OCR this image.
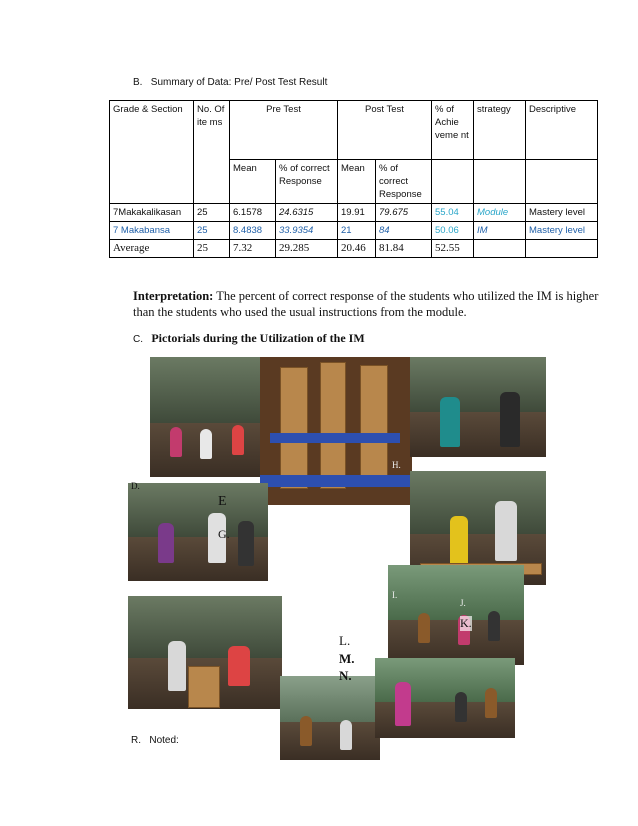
B. Summary of Data: Pre/ Post Test Result
Grade & Section	No. Of ite ms	Pre Test		Post Test		% of Achie veme nt	strategy	Descriptive
		Mean	% of correct Response	Mean	% of correct Response			
7Makakalikasan	25	6.1578	24.6315	19.91	79.675	55.04	Module	Mastery level
7 Makabansa	25	8.4838	33.9354	21	84	50.06	IM	Mastery level
Average	25	7.32	29.285	20.46	81.84	52.55		
Interpretation: The percent of correct response of the students who utilized the IM is higher than the students who used the usual instructions from the module.
C. Pictorials during the Utilization of the IM
H.
D.
E
G.
I.
J.
K.
L.
M.
N.
R. Noted:
